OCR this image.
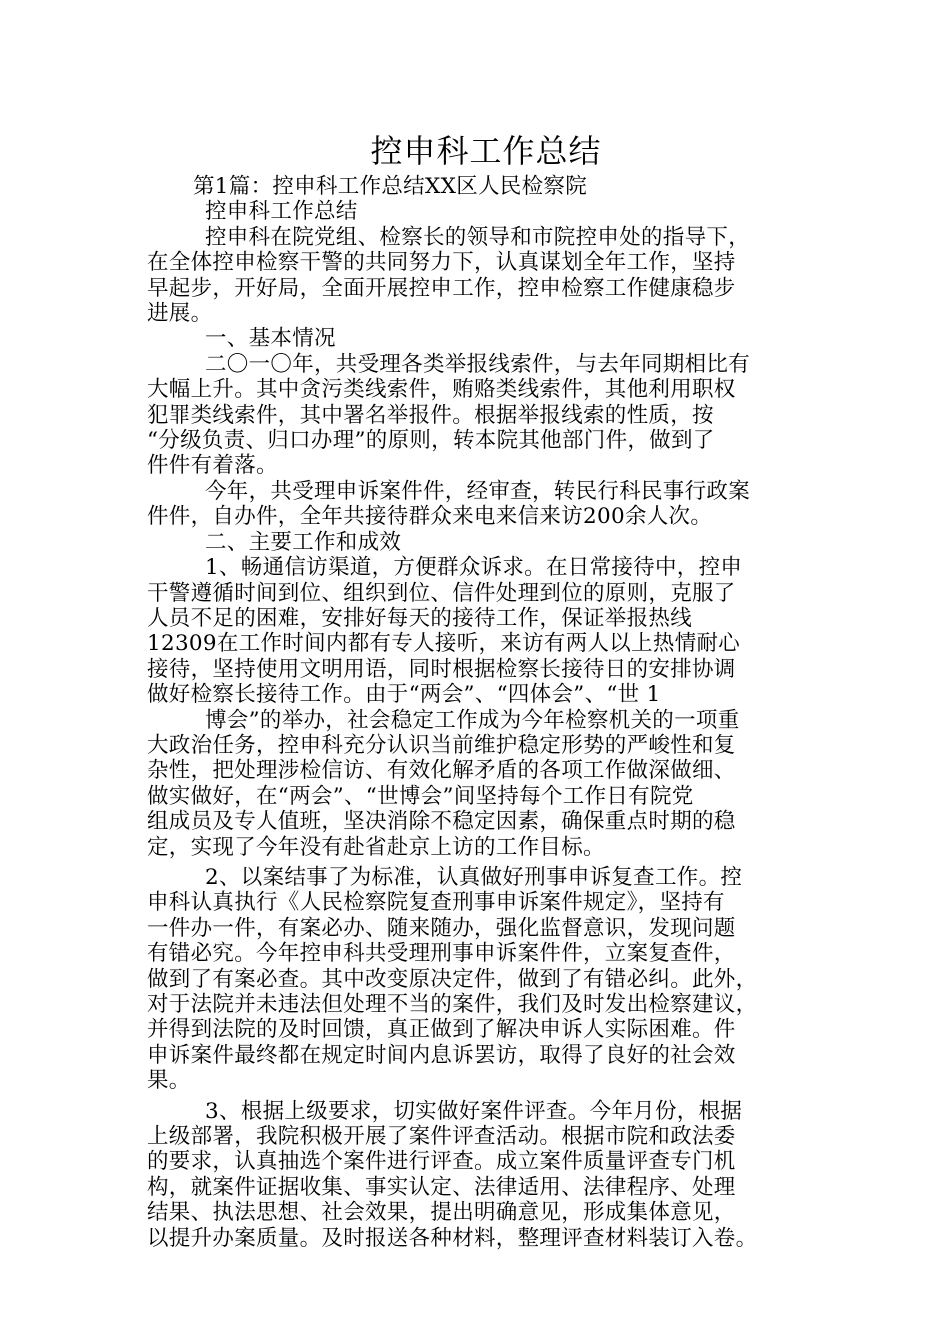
控申科工作总结
第1篇：控申科工作总结XX区人民检察院
控申科工作总结
控申科在院党组、检察长的领导和市院控申处的指导下，
在全体控申检察干警的共同努力下，认真谋划全年工作，坚持
早起步，开好局，全面开展控申工作，控申检察工作健康稳步
进展。
一、基本情况
二〇一〇年，共受理各类举报线索件，与去年同期相比有
大幅上升。其中贪污类线索件，贿赂类线索件，其他利用职权
犯罪类线索件，其中署名举报件。根据举报线索的性质，按
“分级负责、归口办理”的原则，转本院其他部门件，做到了
件件有着落。
今年，共受理申诉案件件，经审查，转民行科民事行政案
件件，自办件，全年共接待群众来电来信来访200余人次。
二、主要工作和成效
1、畅通信访渠道，方便群众诉求。在日常接待中，控申
干警遵循时间到位、组织到位、信件处理到位的原则，克服了
人员不足的困难，安排好每天的接待工作，保证举报热线
12309在工作时间内都有专人接听，来访有两人以上热情耐心
接待，坚持使用文明用语，同时根据检察长接待日的安排协调
做好检察长接待工作。由于“两会”、“四体会”、“世 1
博会”的举办，社会稳定工作成为今年检察机关的一项重
大政治任务，控申科充分认识当前维护稳定形势的严峻性和复
杂性，把处理涉检信访、有效化解矛盾的各项工作做深做细、
做实做好，在“两会”、“世博会”间坚持每个工作日有院党
组成员及专人值班，坚决消除不稳定因素，确保重点时期的稳
定，实现了今年没有赴省赴京上访的工作目标。
2、以案结事了为标准，认真做好刑事申诉复查工作。控
申科认真执行《人民检察院复查刑事申诉案件规定》，坚持有
一件办一件，有案必办、随来随办，强化监督意识，发现问题
有错必究。今年控申科共受理刑事申诉案件件，立案复查件，
做到了有案必查。其中改变原决定件，做到了有错必纠。此外，
对于法院并未违法但处理不当的案件，我们及时发出检察建议，
并得到法院的及时回馈，真正做到了解决申诉人实际困难。件
申诉案件最终都在规定时间内息诉罢访，取得了良好的社会效
果。
3、根据上级要求，切实做好案件评查。今年月份，根据
上级部署，我院积极开展了案件评查活动。根据市院和政法委
的要求，认真抽选个案件进行评查。成立案件质量评查专门机
构，就案件证据收集、事实认定、法律适用、法律程序、处理
结果、执法思想、社会效果，提出明确意见，形成集体意见，
以提升办案质量。及时报送各种材料，整理评查材料装订入卷。
